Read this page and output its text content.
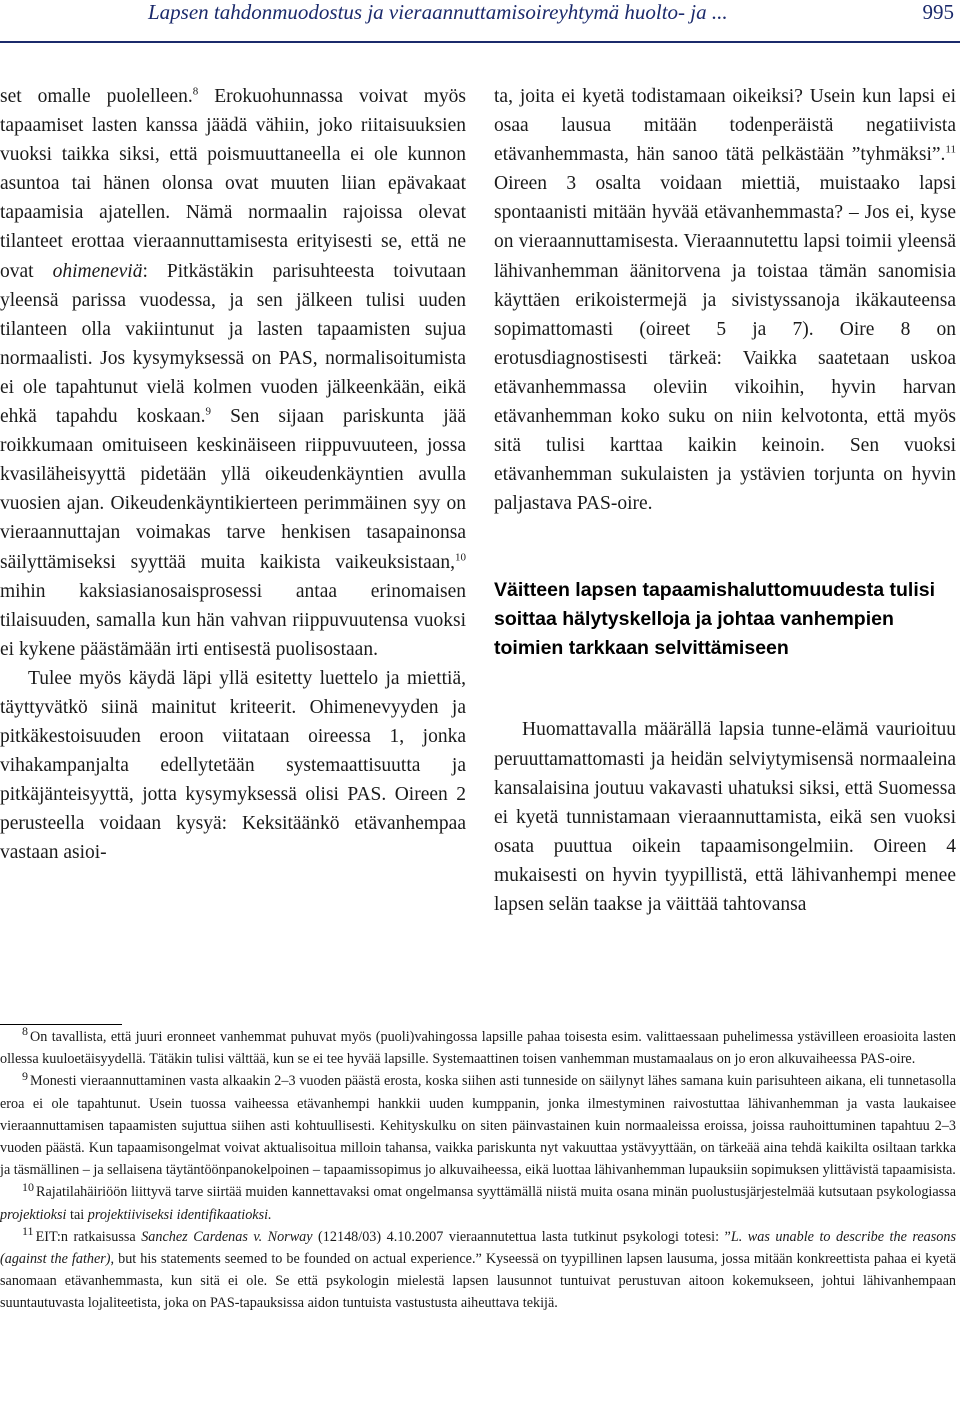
Lapsen tahdonmuodostus ja vieraannuttamisoireyhtymä huolto- ja ...	995

set omalle puolelleen.$^8$ Erokuohunnassa voivat myös tapaamiset lasten kanssa jäädä vähiin, joko riitaisuuksien vuoksi taikka siksi, että poismuuttaneella ei ole kunnon asuntoa tai hänen olonsa ovat muuten liian epävakaat tapaamisia ajatellen. Nämä normaalin rajoissa olevat tilanteet erottaa vieraannuttamisesta erityisesti se, että ne ovat ohimeneviä: Pitkästäkin parisuhteesta toivutaan yleensä parissa vuodessa, ja sen jälkeen tulisi uuden tilanteen olla vakiintunut ja lasten tapaamisten sujua normaalisti. Jos kysymyksessä on PAS, normalisoitumista ei ole tapahtunut vielä kolmen vuoden jälkeenkään, eikä ehkä tapahdu koskaan.$^9$ Sen sijaan pariskunta jää roikkumaan omituiseen keskinäiseen riippuvuuteen, jossa kvasiläheisyyttä pidetään yllä oikeudenkäyntien avulla vuosien ajan. Oikeudenkäyntikierteen perimmäinen syy on vieraannuttajan voimakas tarve henkisen tasapainonsa säilyttämiseksi syyttää muita kaikista vaikeuksistaan,$^{10}$ mihin kaksiasianosaisprosessi antaa erinomaisen tilaisuuden, samalla kun hän vahvan riippuvuutensa vuoksi ei kykene päästämään irti entisestä puolisostaan.

Tulee myös käydä läpi yllä esitetty luettelo ja miettiä, täyttyvätkö siinä mainitut kriteerit. Ohimenevyyden ja pitkäkestoisuuden eroon viitataan oireessa 1, jonka vihakampanjalta edellytetään systemaattisuutta ja pitkäjänteisyyttä, jotta kysymyksessä olisi PAS. Oireen 2 perusteella voidaan kysyä: Keksitäänkö etävanhempaa vastaan asioi-

ta, joita ei kyetä todistamaan oikeiksi? Usein kun lapsi ei osaa lausua mitään todenperäistä negatiivista etävanhemmasta, hän sanoo tätä pelkästään ”tyhmäksi”.$^{11}$ Oireen 3 osalta voidaan miettiä, muistaako lapsi spontaanisti mitään hyvää etävanhemmasta? – Jos ei, kyse on vieraannuttamisesta. Vieraannutettu lapsi toimii yleensä lähivanhemman äänitorvena ja toistaa tämän sanomisia käyttäen erikoistermejä ja sivistyssanoja ikäkauteensa sopimattomasti (oireet 5 ja 7). Oire 8 on erotusdiagnostisesti tärkeä: Vaikka saatetaan uskoa etävanhemmassa oleviin vikoihin, hyvin harvan etävanhemman koko suku on niin kelvotonta, että myös sitä tulisi karttaa kaikin keinoin. Sen vuoksi etävanhemman sukulaisten ja ystävien torjunta on hyvin paljastava PAS-oire.

Väitteen lapsen tapaamishaluttomuudesta tulisi soittaa hälytyskelloja ja johtaa vanhempien toimien tarkkaan selvittämiseen

Huomattavalla määrällä lapsia tunne-elämä vaurioituu peruuttamattomasti ja heidän selviytymisensä normaaleina kansalaisina joutuu vakavasti uhatuksi siksi, että Suomessa ei kyetä tunnistamaan vieraannuttamista, eikä sen vuoksi osata puuttua oikein tapaamisongelmiin. Oireen 4 mukaisesti on hyvin tyypillistä, että lähivanhempi menee lapsen selän taakse ja väittää tahtovansa

$^8$ On tavallista, että juuri eronneet vanhemmat puhuvat myös (puoli)vahingossa lapsille pahaa toisesta esim. valittaessaan puhelimessa ystävilleen eroasioita lasten ollessa kuuloetäisyydellä. Tätäkin tulisi välttää, kun se ei tee hyvää lapsille. Systemaattinen toisen vanhemman mustamaalaus on jo eron alkuvaiheessa PAS-oire.

$^9$ Monesti vieraannuttaminen vasta alkaakin 2–3 vuoden päästä erosta, koska siihen asti tunneside on säilynyt lähes samana kuin parisuhteen aikana, eli tunnetasolla eroa ei ole tapahtunut. Usein tuossa vaiheessa etävanhempi hankkii uuden kumppanin, jonka ilmestyminen raivostuttaa lähivanhemman ja vasta laukaisee vieraannuttamisen tapaamisten sujuttua siihen asti kohtuullisesti. Kehityskulku on siten päinvastainen kuin normaaleissa eroissa, joissa rauhoittuminen tapahtuu 2–3 vuoden päästä. Kun tapaamisongelmat voivat aktualisoitua milloin tahansa, vaikka pariskunta nyt vakuuttaa ystävyyttään, on tärkeää aina tehdä kaikilta osiltaan tarkka ja täsmällinen – ja sellaisena täytäntöönpanokelpoinen – tapaamissopimus jo alkuvaiheessa, eikä luottaa lähivanhemman lupauksiin sopimuksen ylittävistä tapaamisista.

$^{10}$ Rajatilahäiriöön liittyvä tarve siirtää muiden kannettavaksi omat ongelmansa syyttämällä niistä muita osana minän puolustusjärjestelmää kutsutaan psykologiassa projektioksi tai projektiiviseksi identifikaatioksi.

$^{11}$ EIT:n ratkaisussa Sanchez Cardenas v. Norway (12148/03) 4.10.2007 vieraannutettua lasta tutkinut psykologi totesi: ”L. was unable to describe the reasons (against the father), but his statements seemed to be founded on actual experience.” Kyseessä on tyypillinen lapsen lausuma, jossa mitään konkreettista pahaa ei kyetä sanomaan etävanhemmasta, kun sitä ei ole. Se että psykologin mielestä lapsen lausunnot tuntuivat perustuvan aitoon kokemukseen, johtui lähivanhempaan suuntautuvasta lojaliteetista, joka on PAS-tapauksissa aidon tuntuista vastustusta aiheuttava tekijä.
